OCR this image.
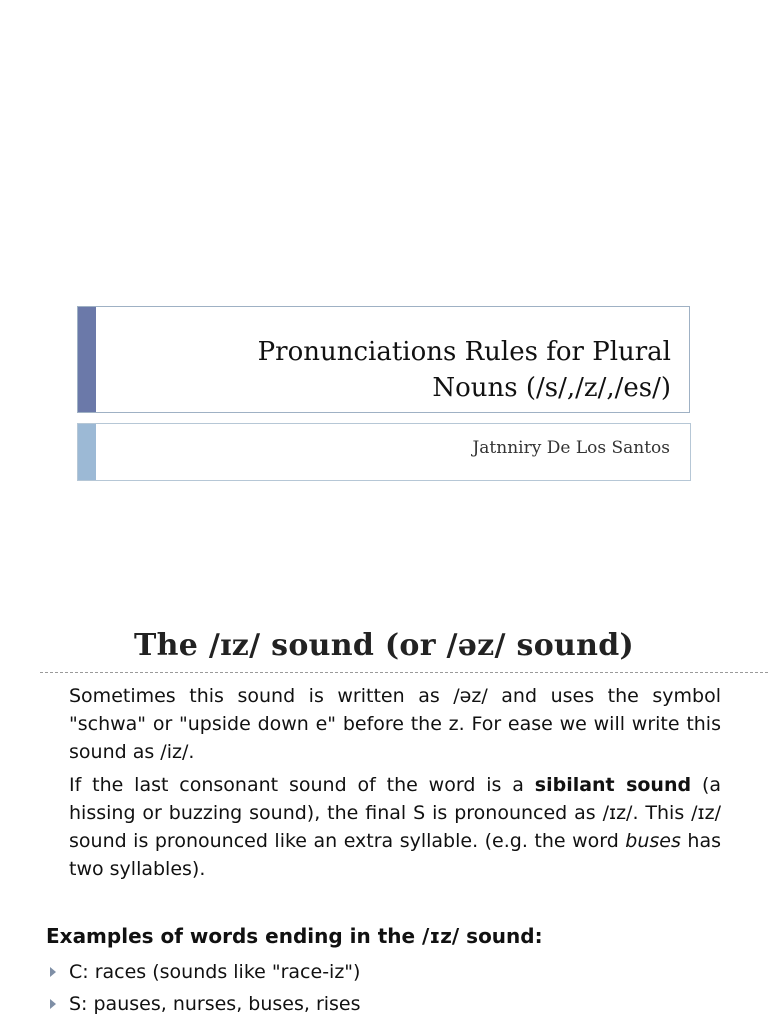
Pronunciations Rules for Plural
Nouns (/s/,/z/,/es/)
Jatnniry De Los Santos
The /ɪz/ sound (or /əz/ sound)

Sometimes this sound is written as /əz/ and uses the symbol "schwa" or "upside down e" before the z. For ease we will write this sound as /iz/.

If the last consonant sound of the word is a sibilant sound (a hissing or buzzing sound), the final S is pronounced as /ɪz/. This /ɪz/ sound is pronounced like an extra syllable. (e.g. the word buses has two syllables).

Examples of words ending in the /ɪz/ sound:
C: races (sounds like "race-iz")
S: pauses, nurses, buses, rises
